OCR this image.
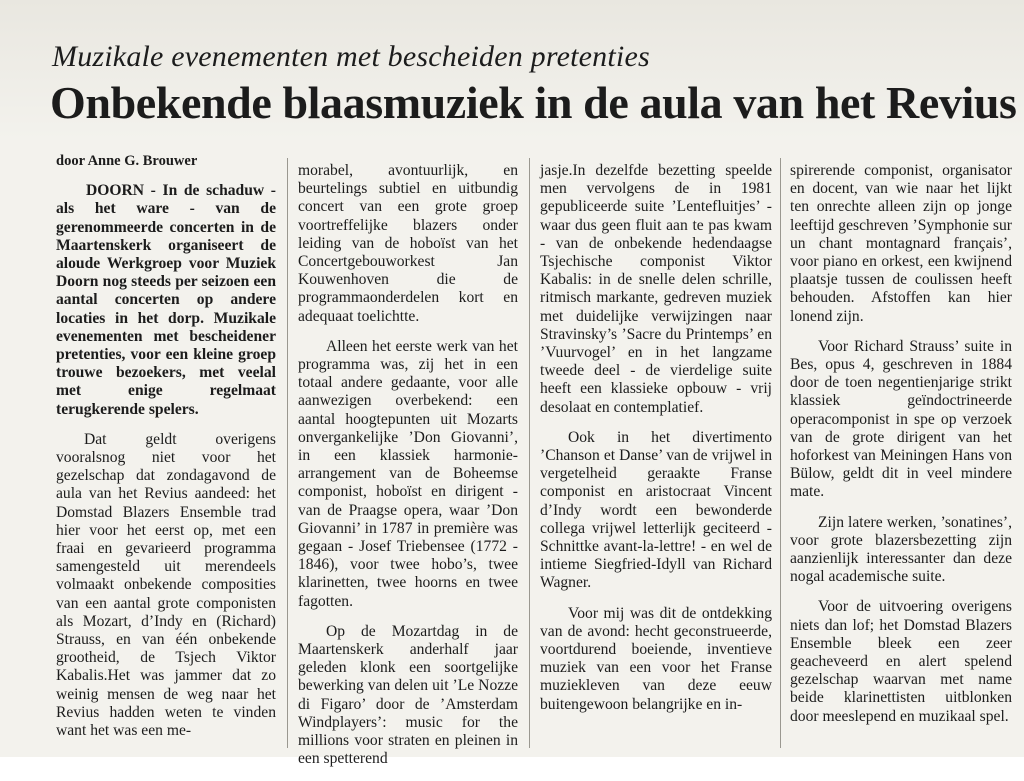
Muzikale evenementen met bescheiden pretenties
Onbekende blaasmuziek in de aula van het Revius

door Anne G. Brouwer

DOORN - In de schaduw - als het ware - van de gerenommeerde concerten in de Maartenskerk organiseert de aloude Werkgroep voor Muziek Doorn nog steeds per seizoen een aantal concerten op andere locaties in het dorp. Muzikale evenementen met bescheidener pretenties, voor een kleine groep trouwe bezoekers, met veelal met enige regelmaat terugkerende spelers.

Dat geldt overigens vooralsnog niet voor het gezelschap dat zondagavond de aula van het Revius aandeed: het Domstad Blazers Ensemble trad hier voor het eerst op, met een fraai en gevarieerd programma samengesteld uit merendeels volmaakt onbekende composities van een aantal grote componisten als Mozart, d’Indy en (Richard) Strauss, en van één onbekende grootheid, de Tsjech Viktor Kabalis.Het was jammer dat zo weinig mensen de weg naar het Revius hadden weten te vinden want het was een me-

morabel, avontuurlijk, en beurtelings subtiel en uitbundig concert van een grote groep voortreffelijke blazers onder leiding van de hoboïst van het Concertgebouworkest Jan Kouwenhoven die de programmaonderdelen kort en adequaat toelichtte.

Alleen het eerste werk van het programma was, zij het in een totaal andere gedaante, voor alle aanwezigen overbekend: een aantal hoogtepunten uit Mozarts onvergankelijke ’Don Giovanni’, in een klassiek harmonie-arrangement van de Boheemse componist, hoboïst en dirigent - van de Praagse opera, waar ’Don Giovanni’ in 1787 in première was gegaan - Josef Triebensee (1772 - 1846), voor twee hobo’s, twee klarinetten, twee hoorns en twee fagotten.

Op de Mozartdag in de Maartenskerk anderhalf jaar geleden klonk een soortgelijke bewerking van delen uit ’Le Nozze di Figaro’ door de ’Amsterdam Windplayers’: music for the millions voor straten en pleinen in een spetterend

jasje.In dezelfde bezetting speelde men vervolgens de in 1981 gepubliceerde suite ’Lentefluitjes’ - waar dus geen fluit aan te pas kwam - van de onbekende hedendaagse Tsjechische componist Viktor Kabalis: in de snelle delen schrille, ritmisch markante, gedreven muziek met duidelijke verwijzingen naar Stravinsky’s ’Sacre du Printemps’ en ’Vuurvogel’ en in het langzame tweede deel - de vierdelige suite heeft een klassieke opbouw - vrij desolaat en contemplatief.

Ook in het divertimento ’Chanson et Danse’ van de vrijwel in vergetelheid geraakte Franse componist en aristocraat Vincent d’Indy wordt een bewonderde collega vrijwel letterlijk geciteerd - Schnittke avant-la-lettre! - en wel de intieme Siegfried-Idyll van Richard Wagner.

Voor mij was dit de ontdekking van de avond: hecht geconstrueerde, voortdurend boeiende, inventieve muziek van een voor het Franse muziekleven van deze eeuw buitengewoon belangrijke en in-

spirerende componist, organisator en docent, van wie naar het lijkt ten onrechte alleen zijn op jonge leeftijd geschreven ’Symphonie sur un chant montagnard français’, voor piano en orkest, een kwijnend plaatsje tussen de coulissen heeft behouden. Afstoffen kan hier lonend zijn.

Voor Richard Strauss’ suite in Bes, opus 4, geschreven in 1884 door de toen negentienjarige strikt klassiek geïndoctrineerde operacomponist in spe op verzoek van de grote dirigent van het hoforkest van Meiningen Hans von Bülow, geldt dit in veel mindere mate.

Zijn latere werken, ’sonatines’, voor grote blazersbezetting zijn aanzienlijk interessanter dan deze nogal academische suite.

Voor de uitvoering overigens niets dan lof; het Domstad Blazers Ensemble bleek een zeer geacheveerd en alert spelend gezelschap waarvan met name beide klarinettisten uitblonken door meeslepend en muzikaal spel.
